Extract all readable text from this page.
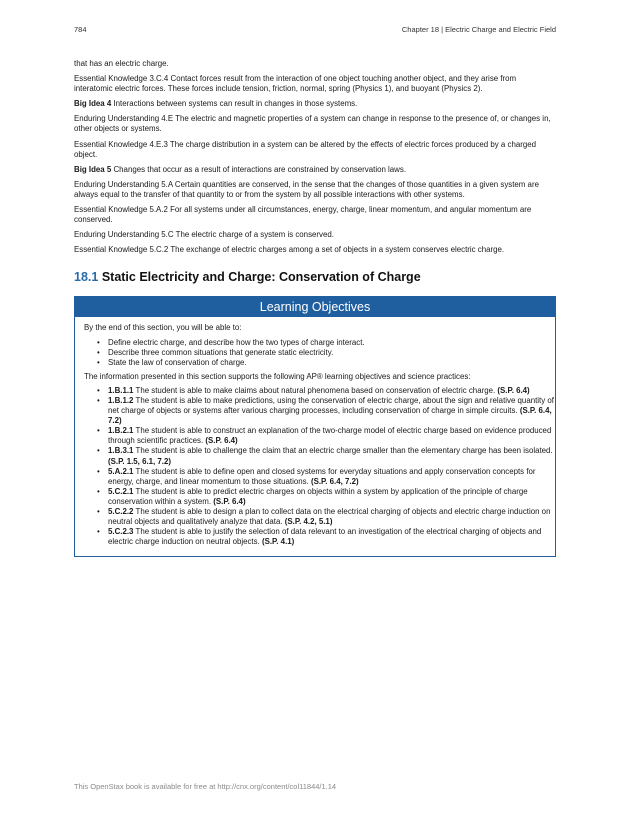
784	Chapter 18 | Electric Charge and Electric Field

that has an electric charge.

Essential Knowledge 3.C.4 Contact forces result from the interaction of one object touching another object, and they arise from interatomic electric forces. These forces include tension, friction, normal, spring (Physics 1), and buoyant (Physics 2).

Big Idea 4 Interactions between systems can result in changes in those systems.

Enduring Understanding 4.E The electric and magnetic properties of a system can change in response to the presence of, or changes in, other objects or systems.

Essential Knowledge 4.E.3 The charge distribution in a system can be altered by the effects of electric forces produced by a charged object.

Big Idea 5 Changes that occur as a result of interactions are constrained by conservation laws.

Enduring Understanding 5.A Certain quantities are conserved, in the sense that the changes of those quantities in a given system are always equal to the transfer of that quantity to or from the system by all possible interactions with other systems.

Essential Knowledge 5.A.2 For all systems under all circumstances, energy, charge, linear momentum, and angular momentum are conserved.

Enduring Understanding 5.C The electric charge of a system is conserved.

Essential Knowledge 5.C.2 The exchange of electric charges among a set of objects in a system conserves electric charge.

18.1 Static Electricity and Charge: Conservation of Charge
Learning Objectives

By the end of this section, you will be able to:

• Define electric charge, and describe how the two types of charge interact.
• Describe three common situations that generate static electricity.
• State the law of conservation of charge.

The information presented in this section supports the following AP® learning objectives and science practices:

• 1.B.1.1 The student is able to make claims about natural phenomena based on conservation of electric charge. (S.P. 6.4)
• 1.B.1.2 The student is able to make predictions, using the conservation of electric charge, about the sign and relative quantity of net charge of objects or systems after various charging processes, including conservation of charge in simple circuits. (S.P. 6.4, 7.2)
• 1.B.2.1 The student is able to construct an explanation of the two-charge model of electric charge based on evidence produced through scientific practices. (S.P. 6.4)
• 1.B.3.1 The student is able to challenge the claim that an electric charge smaller than the elementary charge has been isolated. (S.P. 1.5, 6.1, 7.2)
• 5.A.2.1 The student is able to define open and closed systems for everyday situations and apply conservation concepts for energy, charge, and linear momentum to those situations. (S.P. 6.4, 7.2)
• 5.C.2.1 The student is able to predict electric charges on objects within a system by application of the principle of charge conservation within a system. (S.P. 6.4)
• 5.C.2.2 The student is able to design a plan to collect data on the electrical charging of objects and electric charge induction on neutral objects and qualitatively analyze that data. (S.P. 4.2, 5.1)
• 5.C.2.3 The student is able to justify the selection of data relevant to an investigation of the electrical charging of objects and electric charge induction on neutral objects. (S.P. 4.1)
This OpenStax book is available for free at http://cnx.org/content/col11844/1.14
